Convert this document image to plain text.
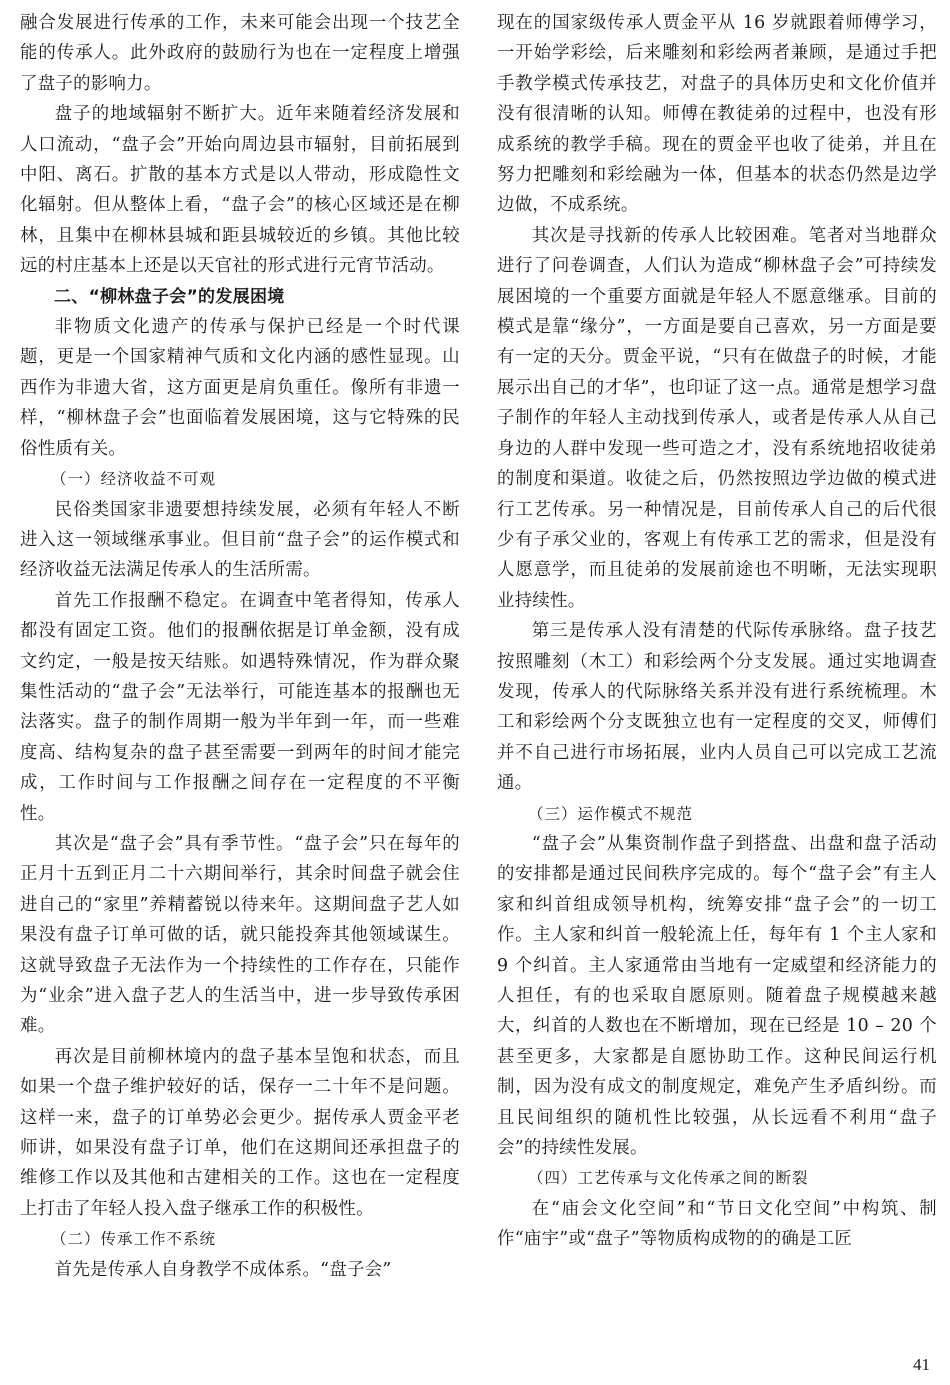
融合发展进行传承的工作，未来可能会出现一个技艺全能的传承人。此外政府的鼓励行为也在一定程度上增强了盘子的影响力。

盘子的地域辐射不断扩大。近年来随着经济发展和人口流动，“盘子会”开始向周边县市辐射，目前拓展到中阳、离石。扩散的基本方式是以人带动，形成隐性文化辐射。但从整体上看，“盘子会”的核心区域还是在柳林，且集中在柳林县城和距县城较近的乡镇。其他比较远的村庄基本上还是以天官社的形式进行元宵节活动。

二、“柳林盘子会”的发展困境

非物质文化遗产的传承与保护已经是一个时代课题，更是一个国家精神气质和文化内涵的感性显现。山西作为非遗大省，这方面更是肩负重任。像所有非遗一样，“柳林盘子会”也面临着发展困境，这与它特殊的民俗性质有关。

（一）经济收益不可观

民俗类国家非遗要想持续发展，必须有年轻人不断进入这一领域继承事业。但目前“盘子会”的运作模式和经济收益无法满足传承人的生活所需。

首先工作报酬不稳定。在调查中笔者得知，传承人都没有固定工资。他们的报酬依据是订单金额，没有成文约定，一般是按天结账。如遇特殊情况，作为群众聚集性活动的“盘子会”无法举行，可能连基本的报酬也无法落实。盘子的制作周期一般为半年到一年，而一些难度高、结构复杂的盘子甚至需要一到两年的时间才能完成，工作时间与工作报酬之间存在一定程度的不平衡性。

其次是“盘子会”具有季节性。“盘子会”只在每年的正月十五到正月二十六期间举行，其余时间盘子就会住进自己的“家里”养精蓄锐以待来年。这期间盘子艺人如果没有盘子订单可做的话，就只能投奔其他领域谋生。这就导致盘子无法作为一个持续性的工作存在，只能作为“业余”进入盘子艺人的生活当中，进一步导致传承困难。

再次是目前柳林境内的盘子基本呈饱和状态，而且如果一个盘子维护较好的话，保存一二十年不是问题。这样一来，盘子的订单势必会更少。据传承人贾金平老师讲，如果没有盘子订单，他们在这期间还承担盘子的维修工作以及其他和古建相关的工作。这也在一定程度上打击了年轻人投入盘子继承工作的积极性。

（二）传承工作不系统

首先是传承人自身教学不成体系。“盘子会”

现在的国家级传承人贾金平从 16 岁就跟着师傅学习，一开始学彩绘，后来雕刻和彩绘两者兼顾，是通过手把手教学模式传承技艺，对盘子的具体历史和文化价值并没有很清晰的认知。师傅在教徒弟的过程中，也没有形成系统的教学手稿。现在的贾金平也收了徒弟，并且在努力把雕刻和彩绘融为一体，但基本的状态仍然是边学边做，不成系统。

其次是寻找新的传承人比较困难。笔者对当地群众进行了问卷调查，人们认为造成“柳林盘子会”可持续发展困境的一个重要方面就是年轻人不愿意继承。目前的模式是靠“缘分”，一方面是要自己喜欢，另一方面是要有一定的天分。贾金平说，“只有在做盘子的时候，才能展示出自己的才华”，也印证了这一点。通常是想学习盘子制作的年轻人主动找到传承人，或者是传承人从自己身边的人群中发现一些可造之才，没有系统地招收徒弟的制度和渠道。收徒之后，仍然按照边学边做的模式进行工艺传承。另一种情况是，目前传承人自己的后代很少有子承父业的，客观上有传承工艺的需求，但是没有人愿意学，而且徒弟的发展前途也不明晰，无法实现职业持续性。

第三是传承人没有清楚的代际传承脉络。盘子技艺按照雕刻（木工）和彩绘两个分支发展。通过实地调查发现，传承人的代际脉络关系并没有进行系统梳理。木工和彩绘两个分支既独立也有一定程度的交叉，师傅们并不自己进行市场拓展，业内人员自己可以完成工艺流通。

（三）运作模式不规范

“盘子会”从集资制作盘子到搭盘、出盘和盘子活动的安排都是通过民间秩序完成的。每个“盘子会”有主人家和纠首组成领导机构，统筹安排“盘子会”的一切工作。主人家和纠首一般轮流上任，每年有 1 个主人家和 9 个纠首。主人家通常由当地有一定威望和经济能力的人担任，有的也采取自愿原则。随着盘子规模越来越大，纠首的人数也在不断增加，现在已经是 10 – 20 个甚至更多，大家都是自愿协助工作。这种民间运行机制，因为没有成文的制度规定，难免产生矛盾纠纷。而且民间组织的随机性比较强，从长远看不利用“盘子会”的持续性发展。

（四）工艺传承与文化传承之间的断裂

在“庙会文化空间”和“节日文化空间”中构筑、制作“庙宇”或“盘子”等物质构成物的的确是工匠

41
